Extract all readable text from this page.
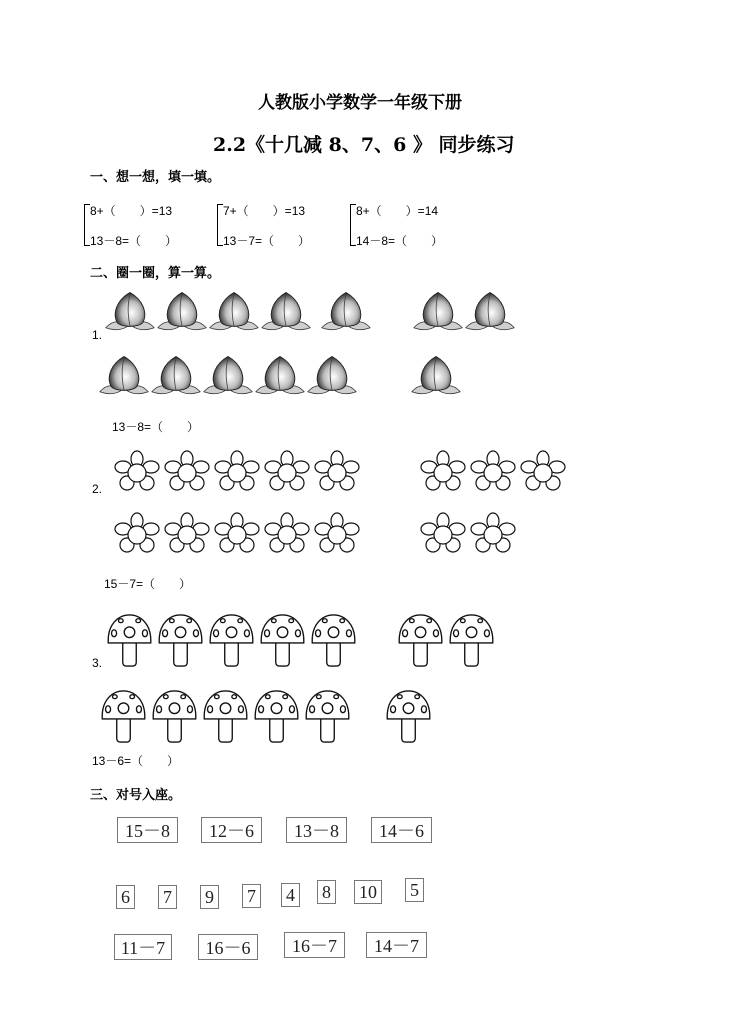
人教版小学数学一年级下册
2.2《十几减 8、7、6 》 同步练习
一、想一想，填一填。
8+（　　）=13
13－8=（　　）
7+（　　）=13
13－7=（　　）
8+（　　）=14
14－8=（　　）
二、圈一圈，算一算。
1.
13－8=（　　）
2.
15－7=（　　）
3.
13－6=（　　）
三、对号入座。
15－8	12－6	13－8	14－6
6 7 9 7 4 8 10 5
11－7	16－6	16－7	14－7
